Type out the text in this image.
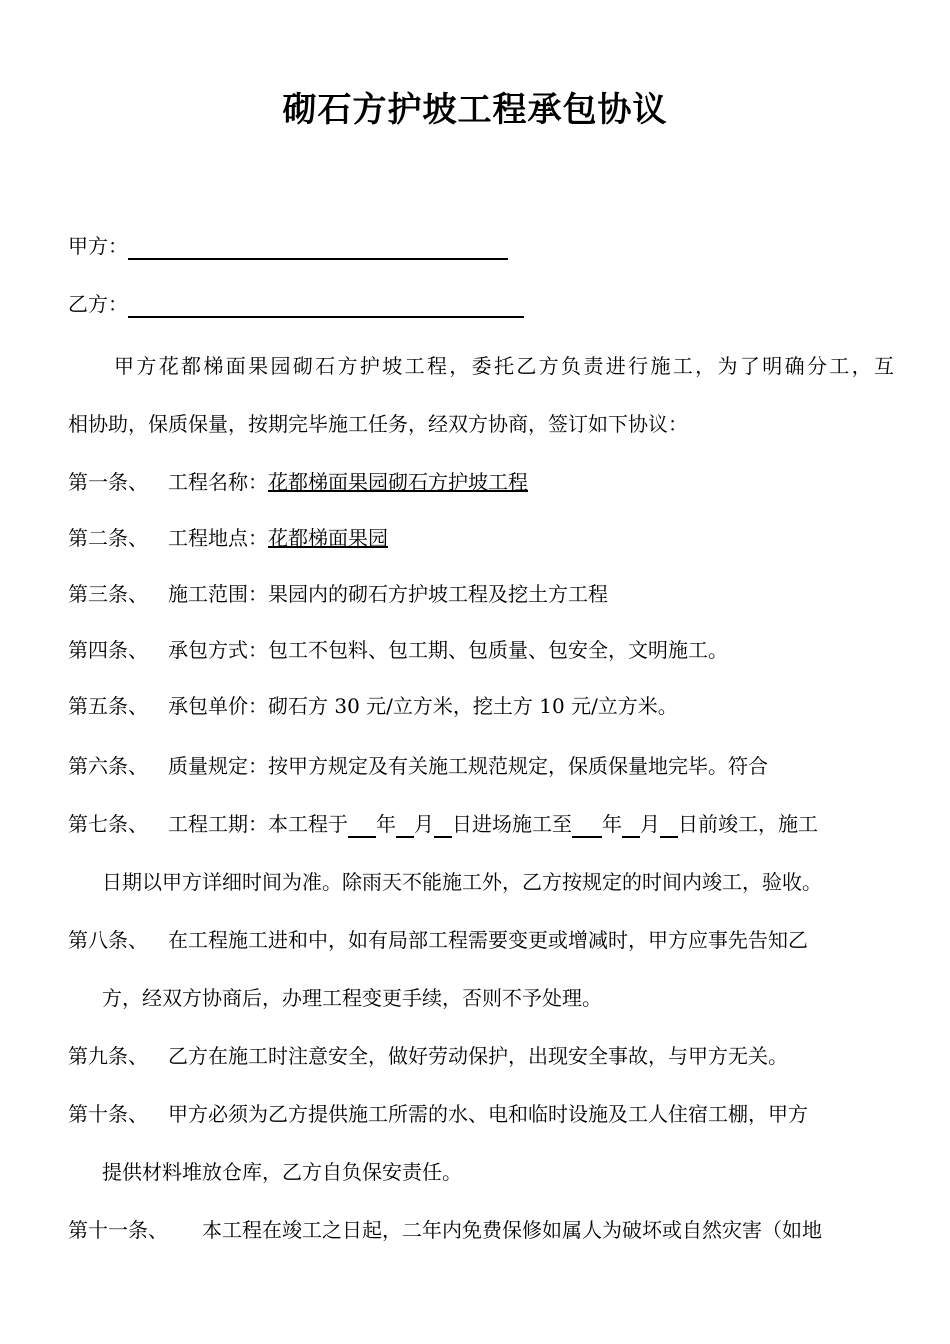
砌石方护坡工程承包协议
甲方：
乙方：
甲方花都梯面果园砌石方护坡工程，委托乙方负责进行施工，为了明确分工，互
相协助，保质保量，按期完毕施工任务，经双方协商，签订如下协议：
第一条、 工程名称：花都梯面果园砌石方护坡工程
第二条、 工程地点：花都梯面果园
第三条、 施工范围：果园内的砌石方护坡工程及挖土方工程
第四条、 承包方式：包工不包料、包工期、包质量、包安全，文明施工。
第五条、 承包单价：砌石方 30 元/立方米，挖土方 10 元/立方米。
第六条、 质量规定：按甲方规定及有关施工规范规定，保质保量地完毕。符合
第七条、 工程工期：本工程于 年 月 日进场施工至 年 月 日前竣工，施工
日期以甲方详细时间为准。除雨天不能施工外，乙方按规定的时间内竣工，验收。
第八条、 在工程施工进和中，如有局部工程需要变更或增减时，甲方应事先告知乙
方，经双方协商后，办理工程变更手续，否则不予处理。
第九条、 乙方在施工时注意安全，做好劳动保护，出现安全事故，与甲方无关。
第十条、 甲方必须为乙方提供施工所需的水、电和临时设施及工人住宿工棚，甲方
提供材料堆放仓库，乙方自负保安责任。
第十一条、 本工程在竣工之日起，二年内免费保修如属人为破坏或自然灾害（如地
